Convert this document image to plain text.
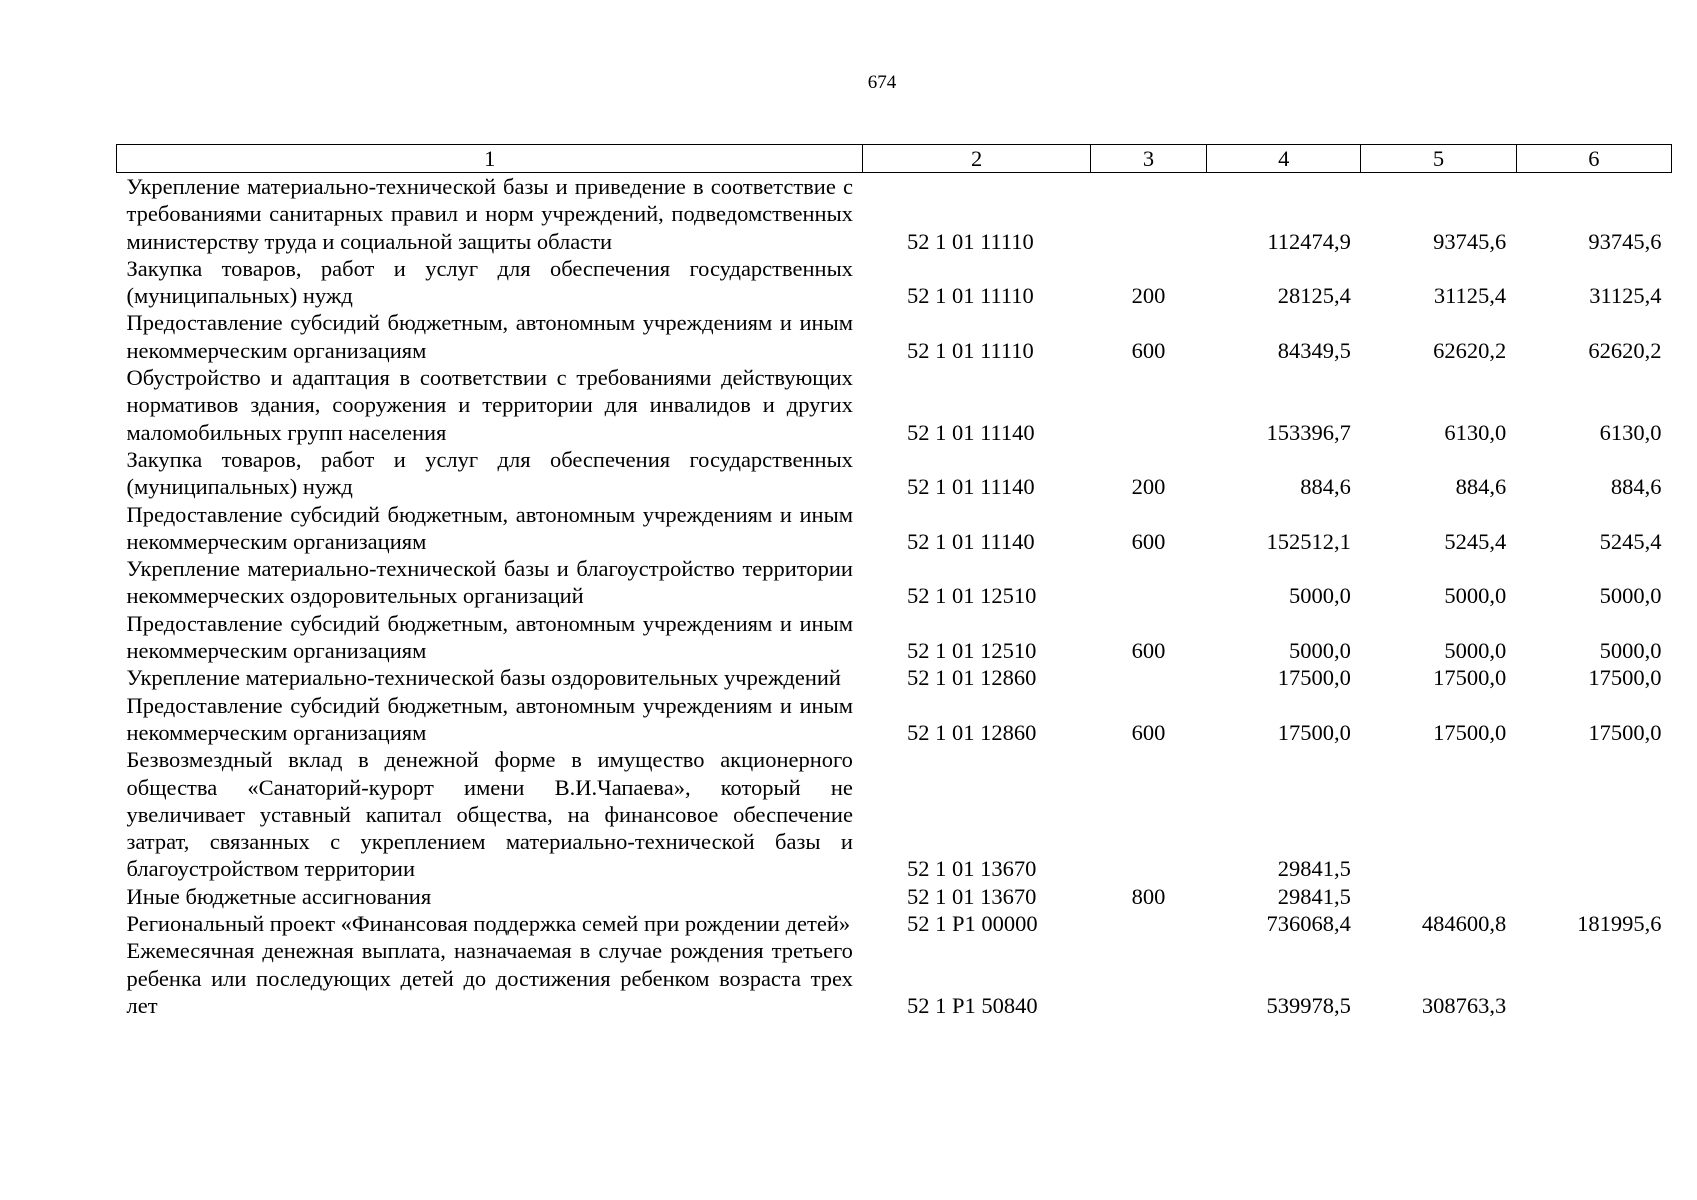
674
1	2	3	4	5	6
Укрепление материально-технической базы и приведение в соответствие с требованиями санитарных правил и норм учреждений, подведомственных министерству труда и социальной защиты области	52 1 01 11110		112474,9	93745,6	93745,6
Закупка товаров, работ и услуг для обеспечения государственных (муниципальных) нужд	52 1 01 11110	200	28125,4	31125,4	31125,4
Предоставление субсидий бюджетным, автономным учреждениям и иным некоммерческим организациям	52 1 01 11110	600	84349,5	62620,2	62620,2
Обустройство и адаптация в соответствии с требованиями действующих нормативов здания, сооружения и территории для инвалидов и других маломобильных групп населения	52 1 01 11140		153396,7	6130,0	6130,0
Закупка товаров, работ и услуг для обеспечения государственных (муниципальных) нужд	52 1 01 11140	200	884,6	884,6	884,6
Предоставление субсидий бюджетным, автономным учреждениям и иным некоммерческим организациям	52 1 01 11140	600	152512,1	5245,4	5245,4
Укрепление материально-технической базы и благоустройство территории некоммерческих оздоровительных организаций	52 1 01 12510		5000,0	5000,0	5000,0
Предоставление субсидий бюджетным, автономным учреждениям и иным некоммерческим организациям	52 1 01 12510	600	5000,0	5000,0	5000,0
Укрепление материально-технической базы оздоровительных учреждений	52 1 01 12860		17500,0	17500,0	17500,0
Предоставление субсидий бюджетным, автономным учреждениям и иным некоммерческим организациям	52 1 01 12860	600	17500,0	17500,0	17500,0
Безвозмездный вклад в денежной форме в имущество акционерного общества «Санаторий-курорт имени В.И.Чапаева», который не увеличивает уставный капитал общества, на финансовое обеспечение затрат, связанных с укреплением материально-технической базы и благоустройством территории	52 1 01 13670		29841,5		
Иные бюджетные ассигнования	52 1 01 13670	800	29841,5		
Региональный проект «Финансовая поддержка семей при рождении детей»	52 1 P1 00000		736068,4	484600,8	181995,6
Ежемесячная денежная выплата, назначаемая в случае рождения третьего ребенка или последующих детей до достижения ребенком возраста трех лет	52 1 P1 50840		539978,5	308763,3	
